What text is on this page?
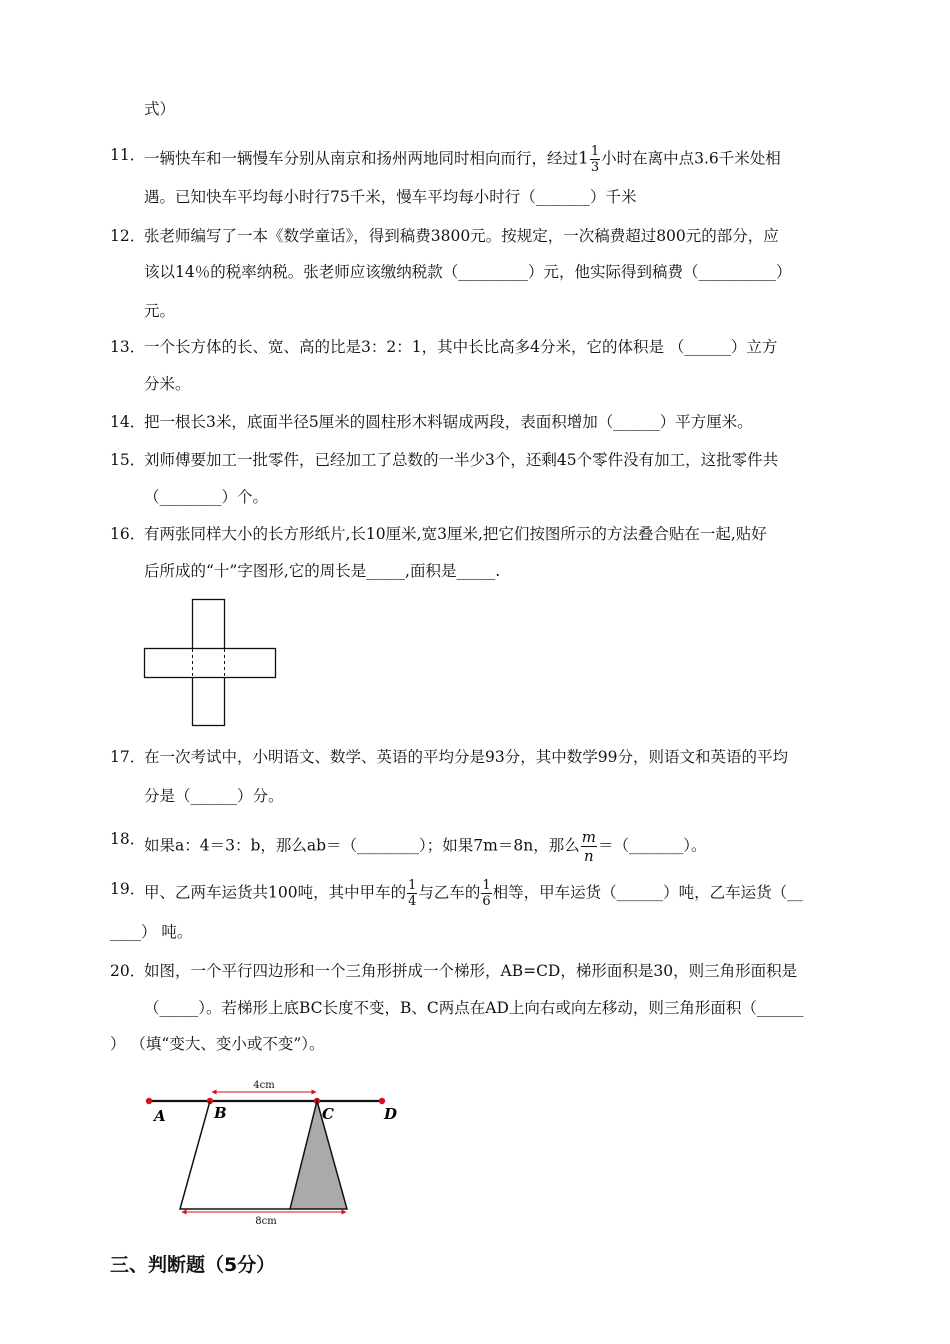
式）
11．
一辆快车和一辆慢车分别从南京和扬州两地同时相向而行，经过$1 \frac{1}{3}$ 小时在离中点3.6千米处相
遇。已知快车平均每小时行75千米，慢车平均每小时行（_______）千米
12．
张老师编写了一本《数学童话》，得到稿费3800元。按规定，一次稿费超过800元的部分，应
该以14％的税率纳税。张老师应该缴纳税款（_________）元，他实际得到稿费（__________）
元。
13．
一个长方体的长、宽、高的比是3：2：1，其中长比高多4分米，它的体积是 （______）立方
分米。
14．
把一根长3米，底面半径5厘米的圆柱形木料锯成两段，表面积增加（______）平方厘米。
15．
刘师傅要加工一批零件，已经加工了总数的一半少3个，还剩45个零件没有加工，这批零件共
（________）个。
16．
有两张同样大小的长方形纸片,长10厘米,宽3厘米,把它们按图所示的方法叠合贴在一起,贴好
后所成的“十”字图形,它的周长是_____,面积是_____.
17．
在一次考试中，小明语文、数学、英语的平均分是93分，其中数学99分，则语文和英语的平均
分是（______）分。
18．
如果a：4＝3：b，那么ab＝（________）；如果7m＝8n，那么 $\frac{m}{n}$ ＝（_______）。
19．
甲、乙两车运货共100吨，其中甲车的 $\frac{1}{4}$ 与乙车的 $\frac{1}{6}$ 相等，甲车运货（______）吨，乙车运货（__
____） 吨。
20．
如图，一个平行四边形和一个三角形拼成一个梯形，AB=CD，梯形面积是30，则三角形面积是
（_____）。若梯形上底BC长度不变，B、C两点在AD上向右或向左移动，则三角形面积（______
） （填“变大、变小或不变”）。
4cm
8cm
A	B	C	D
三、判断题（5分）
